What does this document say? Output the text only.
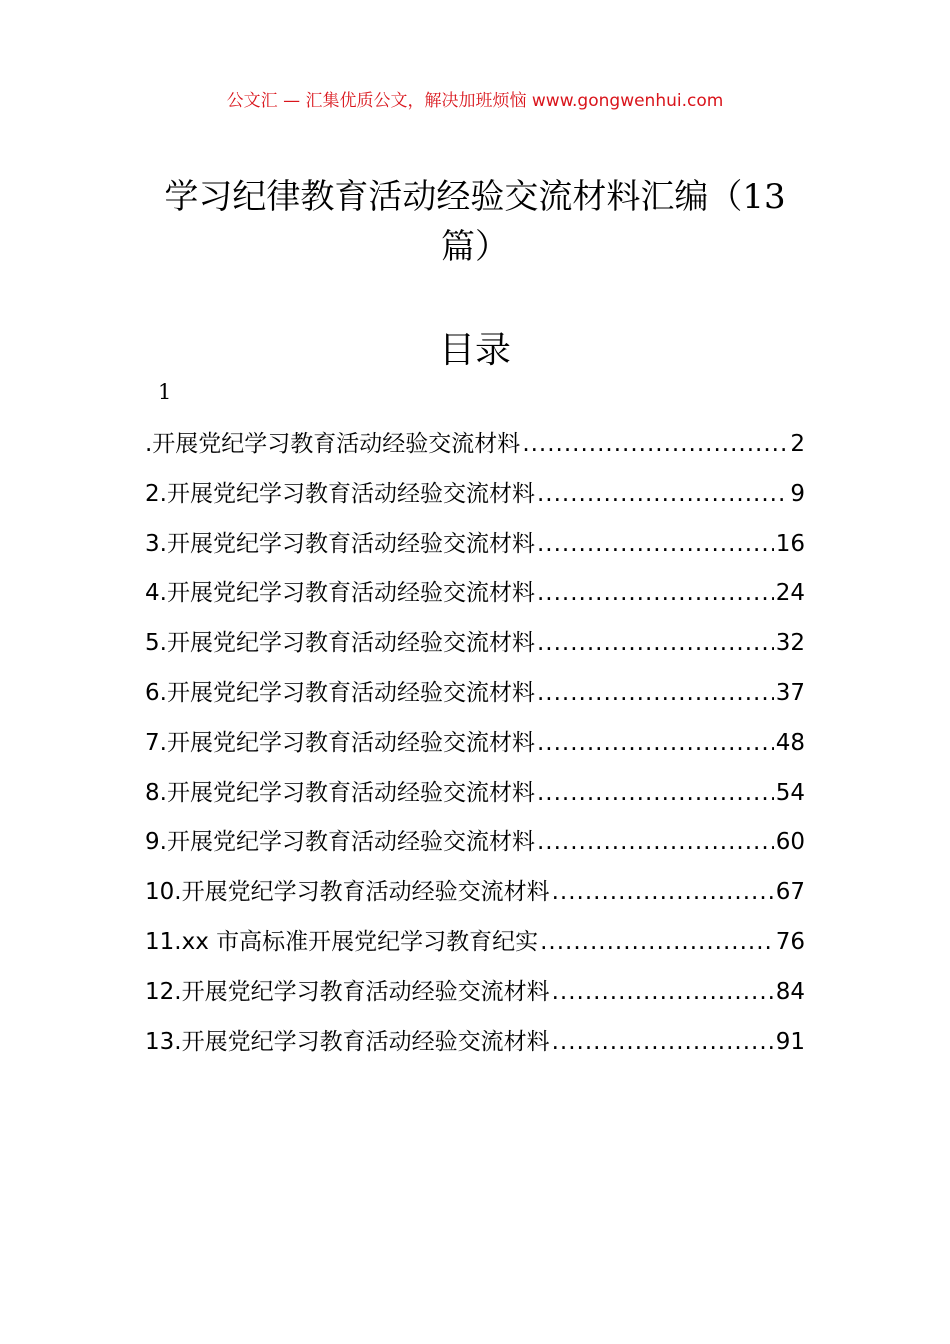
公文汇 — 汇集优质公文，解决加班烦恼 www.gongwenhui.com
学习纪律教育活动经验交流材料汇编（13
篇）
目录
1
.开展党纪学习教育活动经验交流材料 .....	2
2.开展党纪学习教育活动经验交流材料 .....	9
3.开展党纪学习教育活动经验交流材料 .....	16
4.开展党纪学习教育活动经验交流材料 .....	24
5.开展党纪学习教育活动经验交流材料 .....	32
6.开展党纪学习教育活动经验交流材料 .....	37
7.开展党纪学习教育活动经验交流材料 .....	48
8.开展党纪学习教育活动经验交流材料 .....	54
9.开展党纪学习教育活动经验交流材料 .....	60
10.开展党纪学习教育活动经验交流材料 .....	67
11.xx 市高标准开展党纪学习教育纪实 .....	76
12.开展党纪学习教育活动经验交流材料 .....	84
13.开展党纪学习教育活动经验交流材料 .....	91
